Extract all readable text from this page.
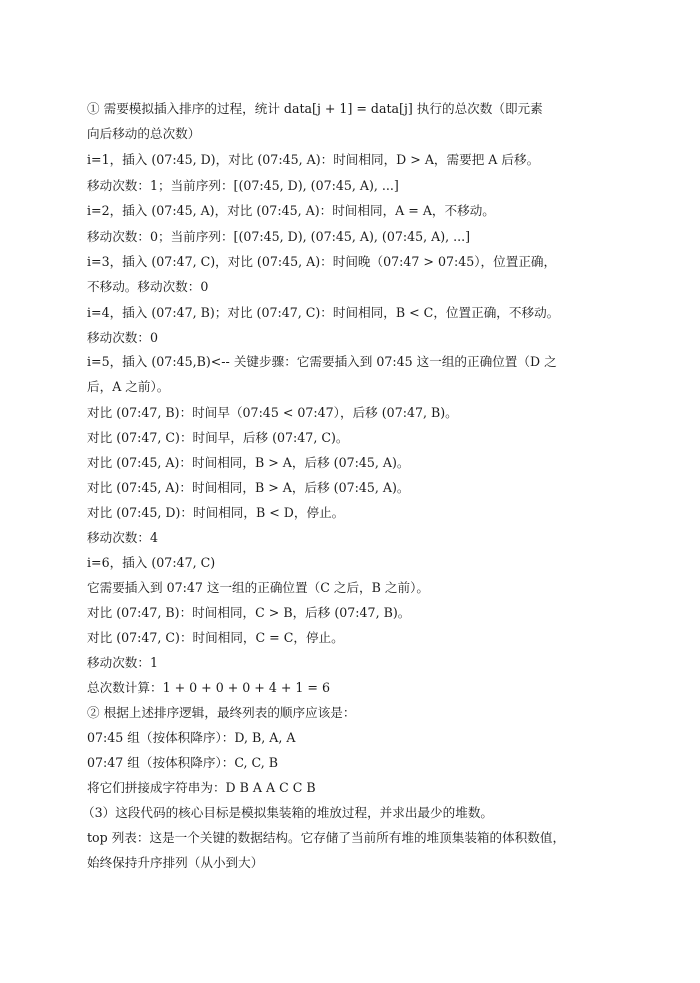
① 需要模拟插入排序的过程，统计 data[j + 1] = data[j] 执行的总次数（即元素
向后移动的总次数）
i=1，插入 (07:45, D)，对比 (07:45, A)：时间相同，D > A，需要把 A 后移。
移动次数：1；当前序列：[(07:45, D), (07:45, A), ...]
i=2，插入 (07:45, A)，对比 (07:45, A)：时间相同，A = A，不移动。
移动次数：0；当前序列：[(07:45, D), (07:45, A), (07:45, A), ...]
i=3，插入 (07:47, C)，对比 (07:45, A)：时间晚（07:47 > 07:45），位置正确，
不移动。移动次数：0
i=4，插入 (07:47, B)；对比 (07:47, C)：时间相同，B < C，位置正确，不移动。
移动次数：0
i=5，插入 (07:45,B)<-- 关键步骤：它需要插入到 07:45 这一组的正确位置（D 之
后，A 之前）。
对比 (07:47, B)：时间早（07:45 < 07:47），后移 (07:47, B)。
对比 (07:47, C)：时间早，后移 (07:47, C)。
对比 (07:45, A)：时间相同，B > A，后移 (07:45, A)。
对比 (07:45, A)：时间相同，B > A，后移 (07:45, A)。
对比 (07:45, D)：时间相同，B < D，停止。
移动次数：4
i=6，插入 (07:47, C)
它需要插入到 07:47 这一组的正确位置（C 之后，B 之前）。
对比 (07:47, B)：时间相同，C > B，后移 (07:47, B)。
对比 (07:47, C)：时间相同，C = C，停止。
移动次数：1
总次数计算：1 + 0 + 0 + 0 + 4 + 1 = 6
② 根据上述排序逻辑，最终列表的顺序应该是：
07:45 组（按体积降序）：D, B, A, A
07:47 组（按体积降序）：C, C, B
将它们拼接成字符串为：D B A A C C B
（3）这段代码的核心目标是模拟集装箱的堆放过程，并求出最少的堆数。
top 列表：这是一个关键的数据结构。它存储了当前所有堆的堆顶集装箱的体积数值，
始终保持升序排列（从小到大）
